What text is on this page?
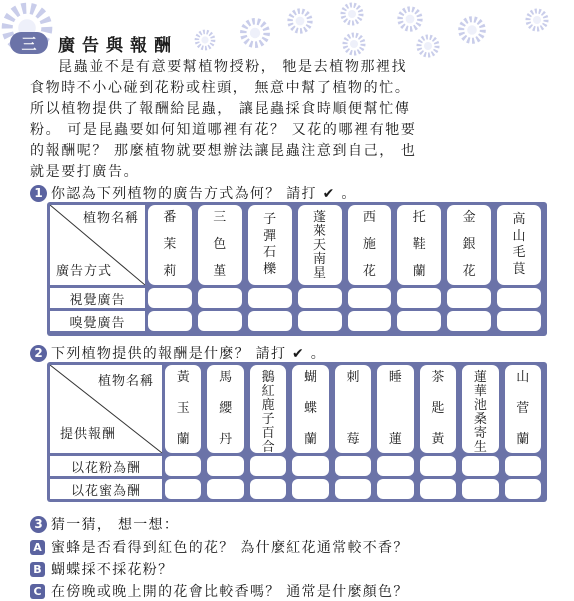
三	廣告與報酬
昆蟲並不是有意要幫植物授粉， 牠是去植物那裡找
食物時不小心碰到花粉或柱頭， 無意中幫了植物的忙。
所以植物提供了報酬給昆蟲， 讓昆蟲採食時順便幫忙傳
粉。 可是昆蟲要如何知道哪裡有花？ 又花的哪裡有牠要
的報酬呢？ 那麼植物就要想辦法讓昆蟲注意到自己， 也
就是要打廣告。
1 你認為下列植物的廣告方式為何？ 請打 ✔ 。
植物名稱
廣告方式
視覺廣告
嗅覺廣告
番
茉
莉
三
色
堇
子
彈
石
櫟
蓬
萊
天
南
星
西
施
花
托
鞋
蘭
金
銀
花
高
山
毛
茛
2 下列植物提供的報酬是什麼？ 請打 ✔ 。
植物名稱
提供報酬
以花粉為酬
以花蜜為酬
黃
玉
蘭
馬
纓
丹
鵝
紅
鹿
子
百
合
蝴
蝶
蘭
刺
莓
睡
蓮
茶
匙
黃
蓮
華
池
桑
寄
生
山
菅
蘭
3 猜一猜， 想一想：
A 蜜蜂是否看得到紅色的花？ 為什麼紅花通常較不香？
B 蝴蝶採不採花粉？
C 在傍晚或晚上開的花會比較香嗎？ 通常是什麼顏色？
